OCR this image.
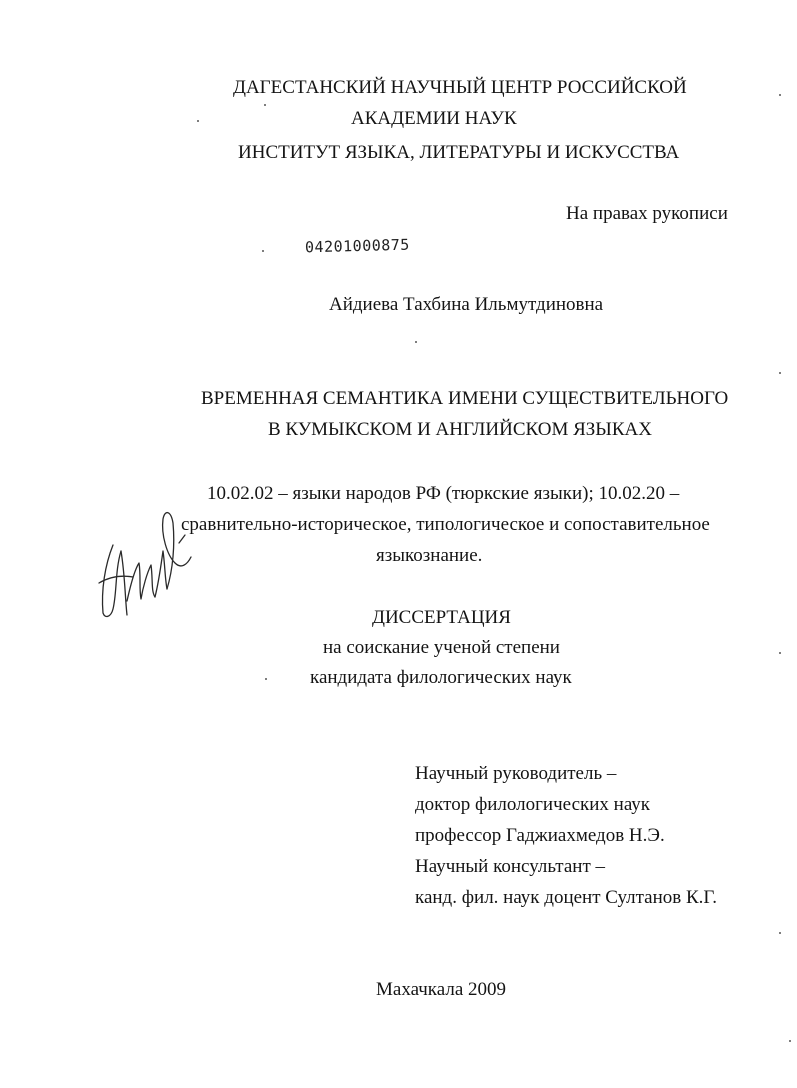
ДАГЕСТАНСКИЙ НАУЧНЫЙ ЦЕНТР РОССИЙСКОЙ
АКАДЕМИИ НАУК
ИНСТИТУТ ЯЗЫКА, ЛИТЕРАТУРЫ И ИСКУССТВА
На правах рукописи
04201000875
Айдиева Тахбина Ильмутдиновна
ВРЕМЕННАЯ СЕМАНТИКА ИМЕНИ СУЩЕСТВИТЕЛЬНОГО
В КУМЫКСКОМ И АНГЛИЙСКОМ ЯЗЫКАХ
10.02.02 – языки народов РФ (тюркские языки); 10.02.20 –
сравнительно-историческое, типологическое и сопоставительное
языкознание.
ДИССЕРТАЦИЯ
на соискание ученой степени
кандидата филологических наук
Научный руководитель –
доктор филологических наук
профессор Гаджиахмедов Н.Э.
Научный консультант –
канд. фил. наук доцент Султанов К.Г.
Махачкала 2009
